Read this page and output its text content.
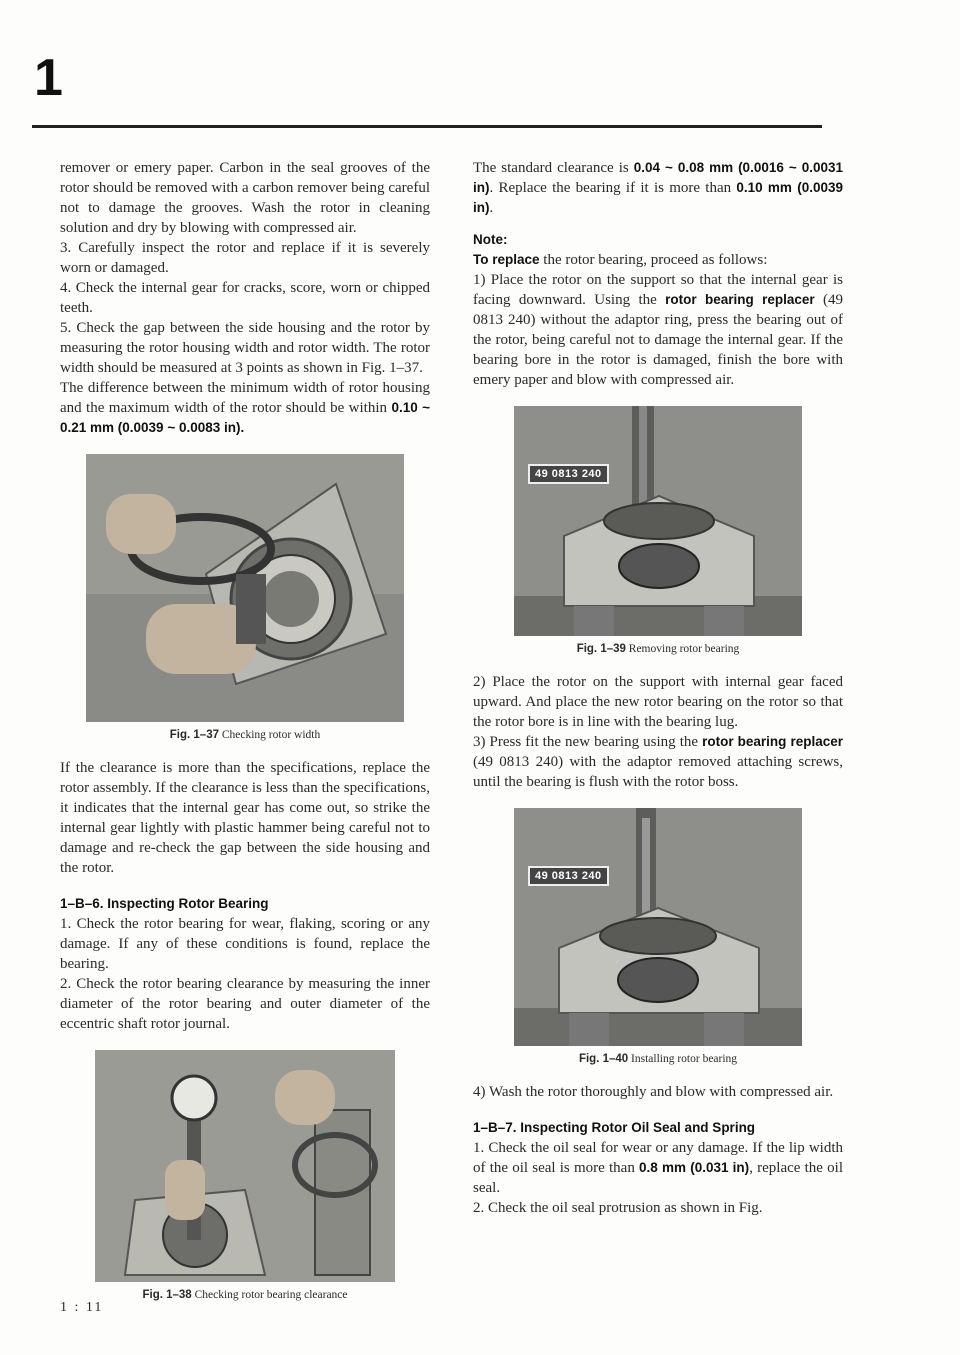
1

remover or emery paper. Carbon in the seal grooves of the rotor should be removed with a carbon remover being careful not to damage the grooves. Wash the rotor in cleaning solution and dry by blowing with compressed air.

3. Carefully inspect the rotor and replace if it is severely worn or damaged.

4. Check the internal gear for cracks, score, worn or chipped teeth.

5. Check the gap between the side housing and the rotor by measuring the rotor housing width and rotor width. The rotor width should be measured at 3 points as shown in Fig. 1–37.

The difference between the minimum width of rotor housing and the maximum width of the rotor should be within 0.10 ~ 0.21 mm (0.0039 ~ 0.0083 in).

Fig. 1–37 Checking rotor width

If the clearance is more than the specifications, replace the rotor assembly. If the clearance is less than the specifications, it indicates that the internal gear has come out, so strike the internal gear lightly with plastic hammer being careful not to damage and re-check the gap between the side housing and the rotor.

1–B–6. Inspecting Rotor Bearing

1. Check the rotor bearing for wear, flaking, scoring or any damage. If any of these conditions is found, replace the bearing.

2. Check the rotor bearing clearance by measuring the inner diameter of the rotor bearing and outer diameter of the eccentric shaft rotor journal.

Fig. 1–38 Checking rotor bearing clearance

The standard clearance is 0.04 ~ 0.08 mm (0.0016 ~ 0.0031 in). Replace the bearing if it is more than 0.10 mm (0.0039 in).

Note:

To replace the rotor bearing, proceed as follows:

1) Place the rotor on the support so that the internal gear is facing downward. Using the rotor bearing replacer (49 0813 240) without the adaptor ring, press the bearing out of the rotor, being careful not to damage the internal gear. If the bearing bore in the rotor is damaged, finish the bore with emery paper and blow with compressed air.

49 0813 240
Fig. 1–39 Removing rotor bearing

2) Place the rotor on the support with internal gear faced upward. And place the new rotor bearing on the rotor so that the rotor bore is in line with the bearing lug.

3) Press fit the new bearing using the rotor bearing replacer (49 0813 240) with the adaptor removed attaching screws, until the bearing is flush with the rotor boss.

49 0813 240
Fig. 1–40 Installing rotor bearing

4) Wash the rotor thoroughly and blow with compressed air.

1–B–7. Inspecting Rotor Oil Seal and Spring

1. Check the oil seal for wear or any damage. If the lip width of the oil seal is more than 0.8 mm (0.031 in), replace the oil seal.

2. Check the oil seal protrusion as shown in Fig.

1 : 11
